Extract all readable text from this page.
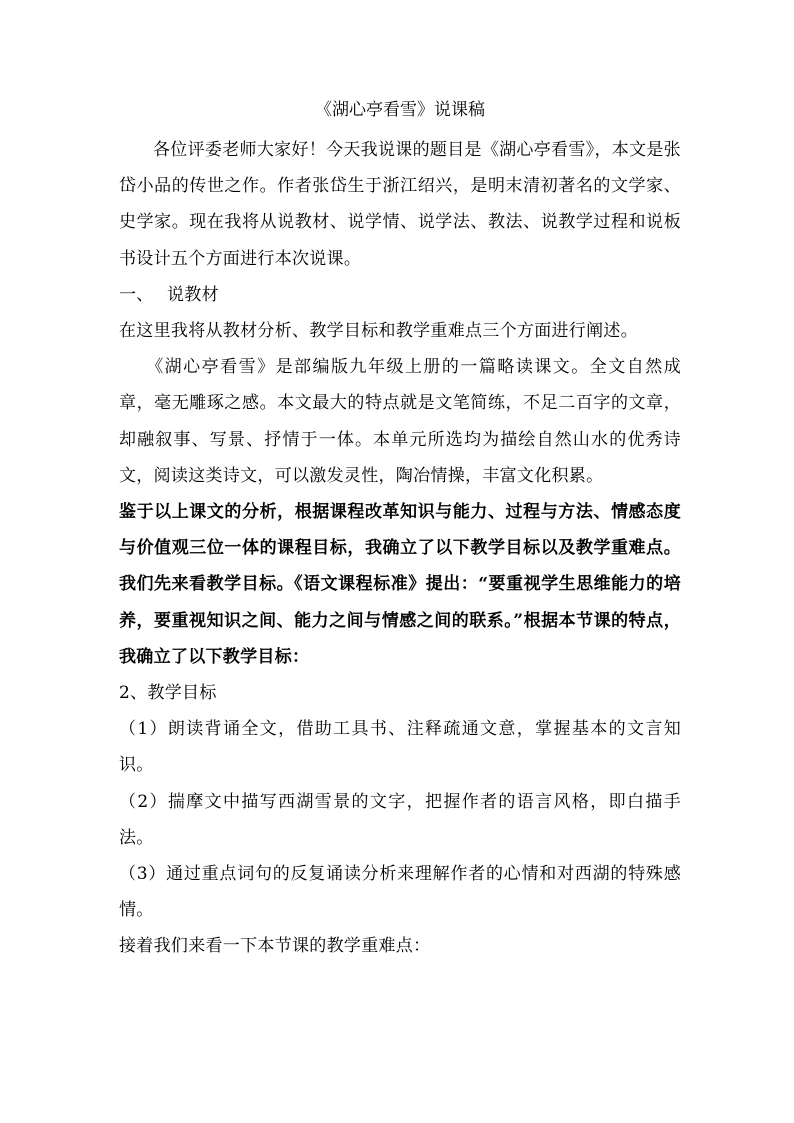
《湖心亭看雪》说课稿

各位评委老师大家好！今天我说课的题目是《湖心亭看雪》，本文是张岱小品的传世之作。作者张岱生于浙江绍兴，是明末清初著名的文学家、史学家。现在我将从说教材、说学情、说学法、教法、说教学过程和说板书设计五个方面进行本次说课。

一、 说教材

在这里我将从教材分析、教学目标和教学重难点三个方面进行阐述。

《湖心亭看雪》是部编版九年级上册的一篇略读课文。全文自然成章，毫无雕琢之感。本文最大的特点就是文笔简练，不足二百字的文章，却融叙事、写景、抒情于一体。本单元所选均为描绘自然山水的优秀诗文，阅读这类诗文，可以激发灵性，陶冶情操，丰富文化积累。

鉴于以上课文的分析，根据课程改革知识与能力、过程与方法、情感态度与价值观三位一体的课程目标，我确立了以下教学目标以及教学重难点。我们先来看教学目标。《语文课程标准》提出：“要重视学生思维能力的培养，要重视知识之间、能力之间与情感之间的联系。”根据本节课的特点，我确立了以下教学目标：

2、教学目标

（1）朗读背诵全文，借助工具书、注释疏通文意，掌握基本的文言知识。

（2）揣摩文中描写西湖雪景的文字，把握作者的语言风格，即白描手法。

（3）通过重点词句的反复诵读分析来理解作者的心情和对西湖的特殊感情。

接着我们来看一下本节课的教学重难点：
